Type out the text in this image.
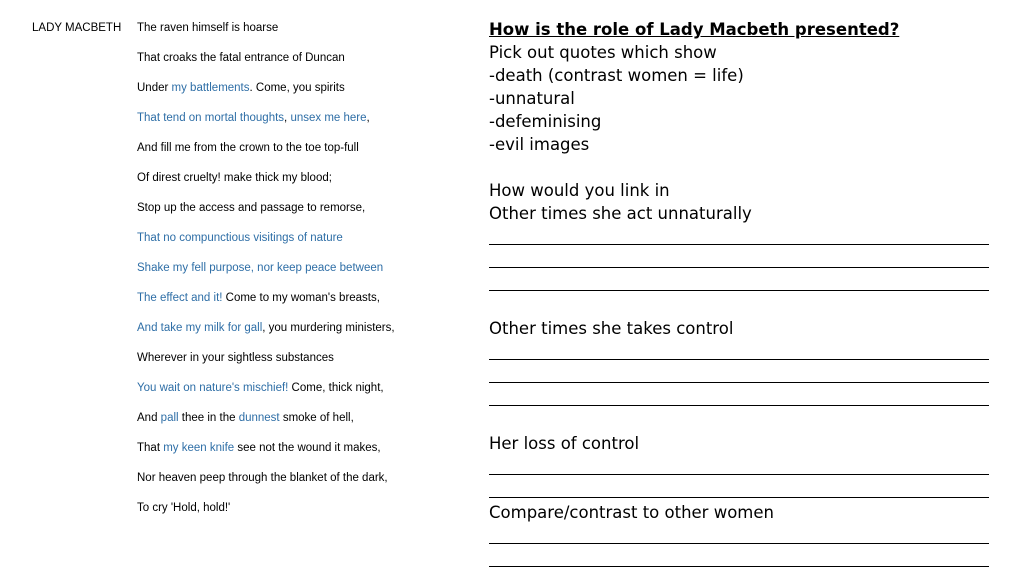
LADY MACBETH The raven himself is hoarse
That croaks the fatal entrance of Duncan
Under my battlements. Come, you spirits
That tend on mortal thoughts, unsex me here,
And fill me from the crown to the toe top-full
Of direst cruelty! make thick my blood;
Stop up the access and passage to remorse,
That no compunctious visitings of nature
Shake my fell purpose, nor keep peace between
The effect and it! Come to my woman's breasts,
And take my milk for gall, you murdering ministers,
Wherever in your sightless substances
You wait on nature's mischief! Come, thick night,
And pall thee in the dunnest smoke of hell,
That my keen knife see not the wound it makes,
Nor heaven peep through the blanket of the dark,
To cry 'Hold, hold!'
How is the role of Lady Macbeth presented?
Pick out quotes which show
-death (contrast women = life)
-unnatural
-defeminising
-evil images
How would you link in
Other times she act unnaturally
Other times she takes control
Her loss of control
Compare/contrast to other women
